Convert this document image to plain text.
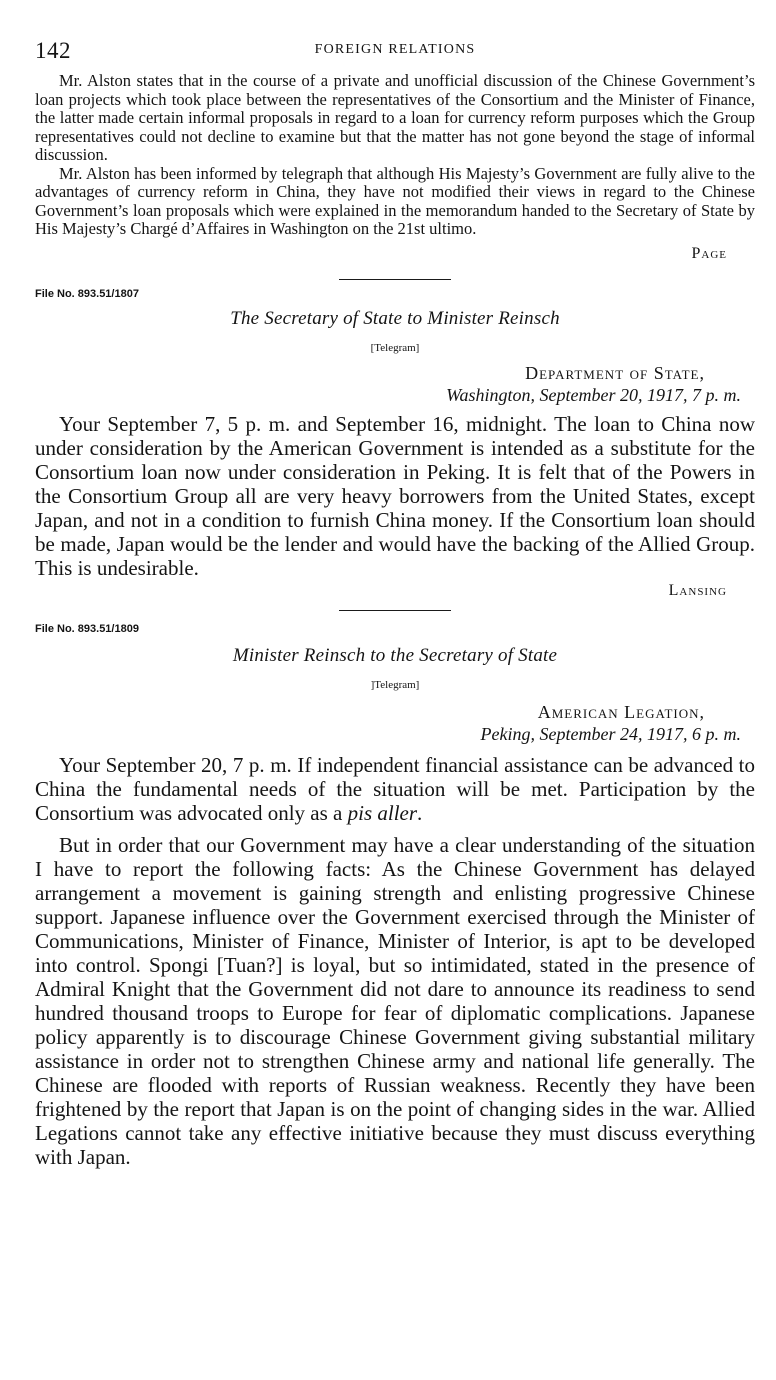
142	FOREIGN RELATIONS

Mr. Alston states that in the course of a private and unofficial discussion of the Chinese Government’s loan projects which took place between the representatives of the Consortium and the Minister of Finance, the latter made certain informal proposals in regard to a loan for currency reform purposes which the Group representatives could not decline to examine but that the matter has not gone beyond the stage of informal discussion.

Mr. Alston has been informed by telegraph that although His Majesty’s Government are fully alive to the advantages of currency reform in China, they have not modified their views in regard to the Chinese Government’s loan proposals which were explained in the memorandum handed to the Secretary of State by His Majesty’s Chargé d’Affaires in Washington on the 21st ultimo.

Page
File No. 893.51/1807
The Secretary of State to Minister Reinsch
[Telegram]
Department of State,
Washington, September 20, 1917, 7 p. m.

Your September 7, 5 p. m. and September 16, midnight. The loan to China now under consideration by the American Government is intended as a substitute for the Consortium loan now under consideration in Peking. It is felt that of the Powers in the Consortium Group all are very heavy borrowers from the United States, except Japan, and not in a condition to furnish China money. If the Consortium loan should be made, Japan would be the lender and would have the backing of the Allied Group. This is undesirable.

Lansing
File No. 893.51/1809
Minister Reinsch to the Secretary of State
]Telegram]
American Legation,
Peking, September 24, 1917, 6 p. m.

Your September 20, 7 p. m. If independent financial assistance can be advanced to China the fundamental needs of the situation will be met. Participation by the Consortium was advocated only as a pis aller.

But in order that our Government may have a clear understanding of the situation I have to report the following facts: As the Chinese Government has delayed arrangement a movement is gaining strength and enlisting progressive Chinese support. Japanese influence over the Government exercised through the Minister of Communications, Minister of Finance, Minister of Interior, is apt to be developed into control. Spongi [Tuan?] is loyal, but so intimidated, stated in the presence of Admiral Knight that the Government did not dare to announce its readiness to send hundred thousand troops to Europe for fear of diplomatic complications. Japanese policy apparently is to discourage Chinese Government giving substantial military assistance in order not to strengthen Chinese army and national life generally. The Chinese are flooded with reports of Russian weakness. Recently they have been frightened by the report that Japan is on the point of changing sides in the war. Allied Legations cannot take any effective initiative because they must discuss everything with Japan.
